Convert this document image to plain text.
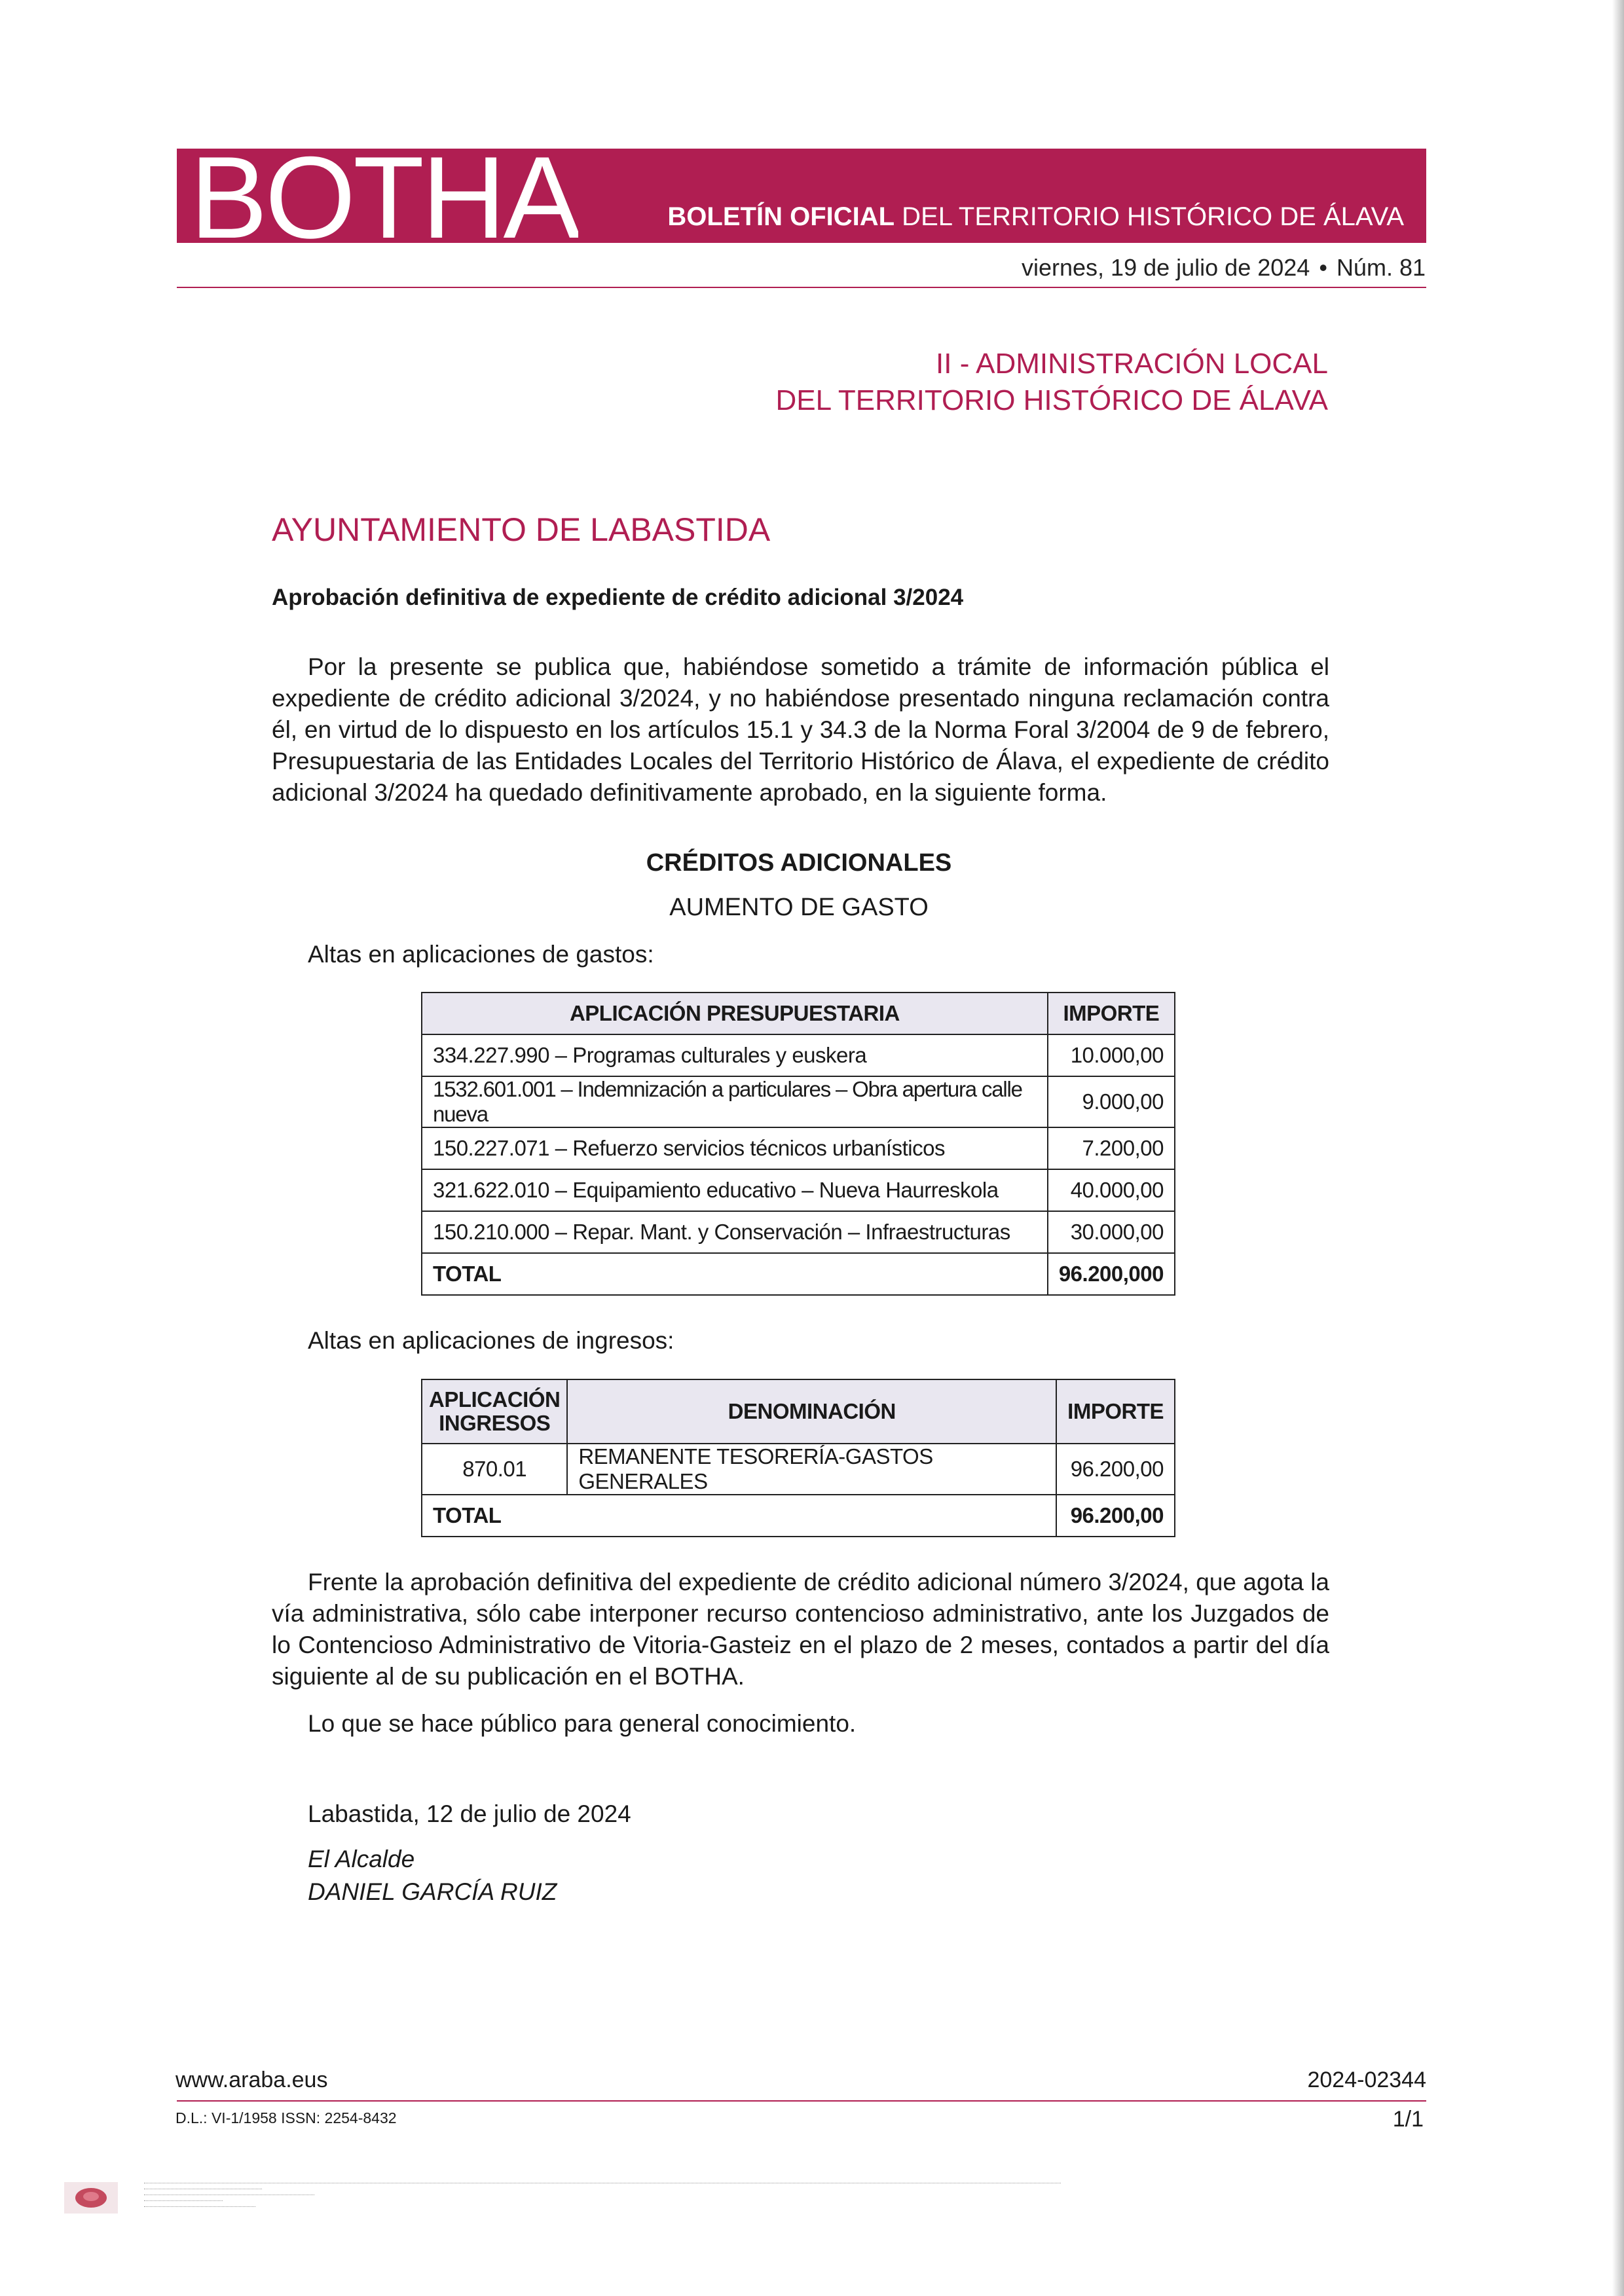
BOTHA	BOLETÍN OFICIAL DEL TERRITORIO HISTÓRICO DE ÁLAVA
viernes, 19 de julio de 2024 • Núm. 81
II - ADMINISTRACIÓN LOCAL
DEL TERRITORIO HISTÓRICO DE ÁLAVA
AYUNTAMIENTO DE LABASTIDA
Aprobación definitiva de expediente de crédito adicional 3/2024
Por la presente se publica que, habiéndose sometido a trámite de información pública el expediente de crédito adicional 3/2024, y no habiéndose presentado ninguna reclamación contra él, en virtud de lo dispuesto en los artículos 15.1 y 34.3 de la Norma Foral 3/2004 de 9 de febrero, Presupuestaria de las Entidades Locales del Territorio Histórico de Álava, el expediente de crédito adicional 3/2024 ha quedado definitivamente aprobado, en la siguiente forma.
CRÉDITOS ADICIONALES
AUMENTO DE GASTO
Altas en aplicaciones de gastos:
APLICACIÓN PRESUPUESTARIA	IMPORTE
334.227.990 – Programas culturales y euskera	10.000,00
1532.601.001 – Indemnización a particulares – Obra apertura calle nueva	9.000,00
150.227.071 – Refuerzo servicios técnicos urbanísticos	7.200,00
321.622.010 – Equipamiento educativo – Nueva Haurreskola	40.000,00
150.210.000 – Repar. Mant. y Conservación – Infraestructuras	30.000,00
TOTAL	96.200,000
Altas en aplicaciones de ingresos:
APLICACIÓN INGRESOS	DENOMINACIÓN	IMPORTE
870.01	REMANENTE TESORERÍA-GASTOS GENERALES	96.200,00
TOTAL		96.200,00
Frente la aprobación definitiva del expediente de crédito adicional número 3/2024, que agota la vía administrativa, sólo cabe interponer recurso contencioso administrativo, ante los Juzgados de lo Contencioso Administrativo de Vitoria-Gasteiz en el plazo de 2 meses, contados a partir del día siguiente al de su publicación en el BOTHA.
Lo que se hace público para general conocimiento.
Labastida, 12 de julio de 2024
El Alcalde
DANIEL GARCÍA RUIZ
www.araba.eus	2024-02344
D.L.: VI-1/1958 ISSN: 2254-8432	1/1
